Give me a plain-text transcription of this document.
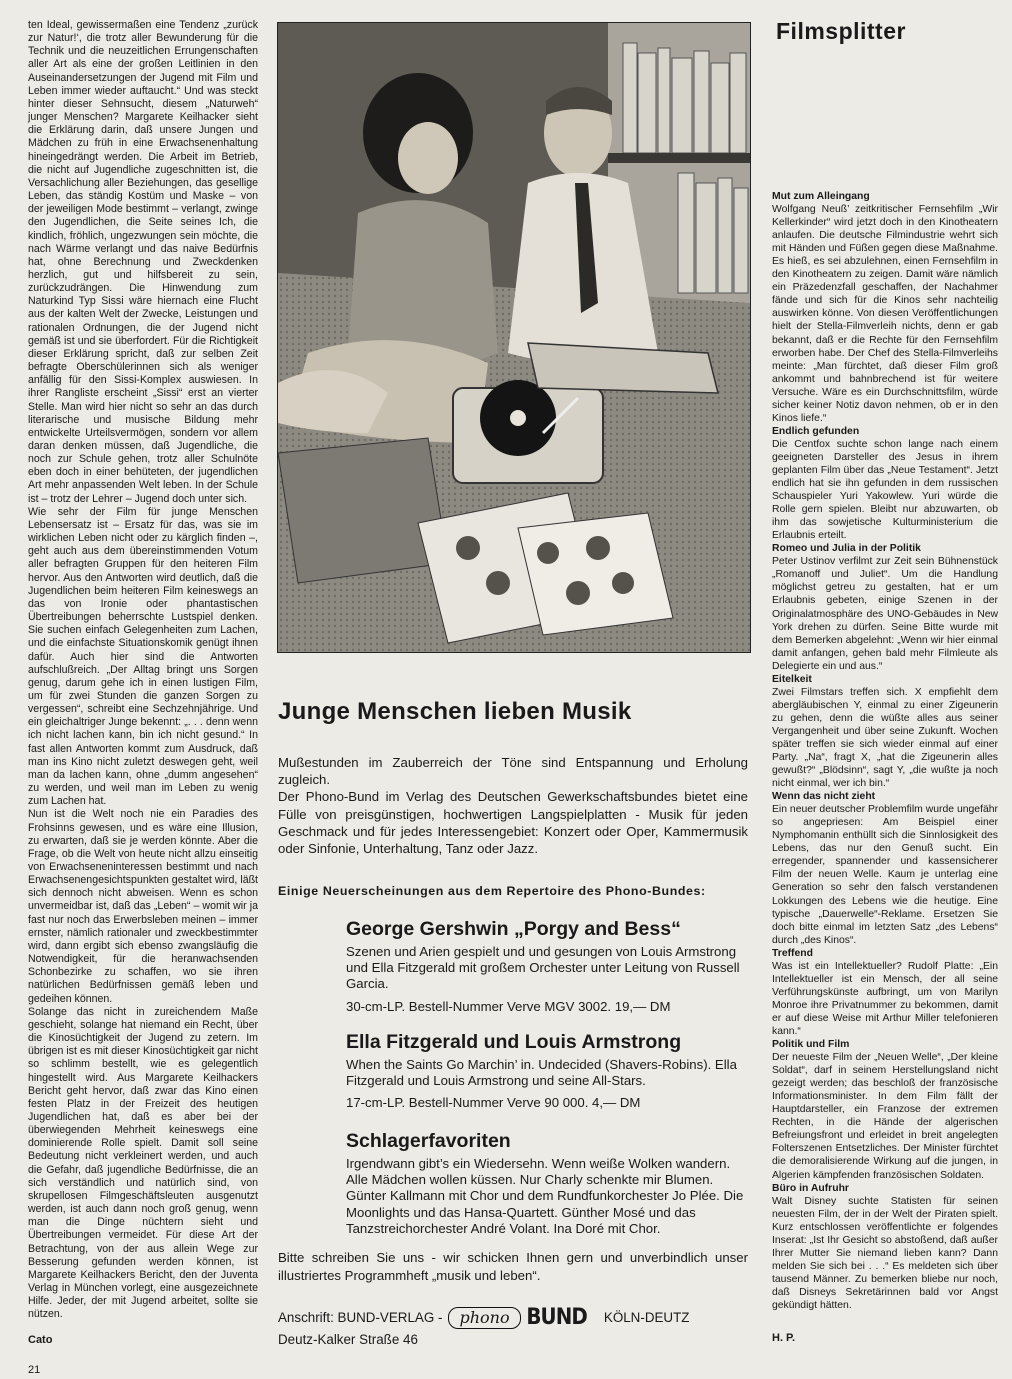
ten Ideal, gewissermaßen eine Tendenz „zurück zur Natur!‘, die trotz aller Bewunderung für die Technik und die neuzeitlichen Errungenschaften aller Art als eine der großen Leitlinien in den Auseinandersetzungen der Jugend mit Film und Leben immer wieder auftaucht.“ Und was steckt hinter dieser Sehnsucht, diesem „Naturweh“ junger Menschen? Margarete Keilhacker sieht die Erklärung darin, daß unsere Jungen und Mädchen zu früh in eine Erwachsenenhaltung hineingedrängt werden. Die Arbeit im Betrieb, die nicht auf Jugendliche zugeschnitten ist, die Versachlichung aller Beziehungen, das gesellige Leben, das ständig Kostüm und Maske – von der jeweiligen Mode bestimmt – verlangt, zwinge den Jugendlichen, die Seite seines Ich, die kindlich, fröhlich, ungezwungen sein möchte, die nach Wärme verlangt und das naive Bedürfnis hat, ohne Berechnung und Zweckdenken herzlich, gut und hilfsbereit zu sein, zurückzudrängen. Die Hinwendung zum Naturkind Typ Sissi wäre hiernach eine Flucht aus der kalten Welt der Zwecke, Leistungen und rationalen Ordnungen, die der Jugend nicht gemäß ist und sie überfordert. Für die Richtigkeit dieser Erklärung spricht, daß zur selben Zeit befragte Oberschülerinnen sich als weniger anfällig für den Sissi-Komplex auswiesen. In ihrer Rangliste erscheint „Sissi“ erst an vierter Stelle. Man wird hier nicht so sehr an das durch literarische und musische Bildung mehr entwickelte Urteilsvermögen, sondern vor allem daran denken müssen, daß Jugendliche, die noch zur Schule gehen, trotz aller Schulnöte eben doch in einer behüteten, der jugendlichen Art mehr anpassenden Welt leben. In der Schule ist – trotz der Lehrer – Jugend doch unter sich.

Wie sehr der Film für junge Menschen Lebensersatz ist – Ersatz für das, was sie im wirklichen Leben nicht oder zu kärglich finden –, geht auch aus dem übereinstimmenden Votum aller befragten Gruppen für den heiteren Film hervor. Aus den Antworten wird deutlich, daß die Jugendlichen beim heiteren Film keineswegs an das von Ironie oder phantastischen Übertreibungen beherrschte Lustspiel denken. Sie suchen einfach Gelegenheiten zum Lachen, und die einfachste Situationskomik genügt ihnen dafür. Auch hier sind die Antworten aufschlußreich. „Der Alltag bringt uns Sorgen genug, darum gehe ich in einen lustigen Film, um für zwei Stunden die ganzen Sorgen zu vergessen“, schreibt eine Sechzehnjährige. Und ein gleichaltriger Junge bekennt: „. . . denn wenn ich nicht lachen kann, bin ich nicht gesund.“ In fast allen Antworten kommt zum Ausdruck, daß man ins Kino nicht zuletzt deswegen geht, weil man da lachen kann, ohne „dumm angesehen“ zu werden, und weil man im Leben zu wenig zum Lachen hat.

Nun ist die Welt noch nie ein Paradies des Frohsinns gewesen, und es wäre eine Illusion, zu erwarten, daß sie je werden könnte. Aber die Frage, ob die Welt von heute nicht allzu einseitig von Erwachseneninteressen bestimmt und nach Erwachsenengesichtspunkten gestaltet wird, läßt sich dennoch nicht abweisen. Wenn es schon unvermeidbar ist, daß das „Leben“ – womit wir ja fast nur noch das Erwerbsleben meinen – immer ernster, nämlich rationaler und zweckbestimmter wird, dann ergibt sich ebenso zwangsläufig die Notwendigkeit, für die heranwachsenden Schonbezirke zu schaffen, wo sie ihren natürlichen Bedürfnissen gemäß leben und gedeihen können.

Solange das nicht in zureichendem Maße geschieht, solange hat niemand ein Recht, über die Kinosüchtigkeit der Jugend zu zetern. Im übrigen ist es mit dieser Kinosüchtigkeit gar nicht so schlimm bestellt, wie es gelegentlich hingestellt wird. Aus Margarete Keilhackers Bericht geht hervor, daß zwar das Kino einen festen Platz in der Freizeit des heutigen Jugendlichen hat, daß es aber bei der überwiegenden Mehrheit keineswegs eine dominierende Rolle spielt. Damit soll seine Bedeutung nicht verkleinert werden, und auch die Gefahr, daß jugendliche Bedürfnisse, die an sich verständlich und natürlich sind, von skrupellosen Filmgeschäftsleuten ausgenutzt werden, ist auch dann noch groß genug, wenn man die Dinge nüchtern sieht und Übertreibungen vermeidet. Für diese Art der Betrachtung, von der aus allein Wege zur Besserung gefunden werden können, ist Margarete Keilhackers Bericht, den der Juventa Verlag in München vorlegt, eine ausgezeichnete Hilfe. Jeder, der mit Jugend arbeitet, sollte sie nützen.

Cato
21
Junge Menschen lieben Musik

Mußestunden im Zauberreich der Töne sind Entspannung und Erholung zugleich.

Der Phono-Bund im Verlag des Deutschen Gewerkschaftsbundes bietet eine Fülle von preisgünstigen, hochwertigen Langspielplatten - Musik für jeden Geschmack und für jedes Interessengebiet: Konzert oder Oper, Kammermusik oder Sinfonie, Unterhaltung, Tanz oder Jazz.

Einige Neuerscheinungen aus dem Repertoire des Phono-Bundes:
George Gershwin „Porgy and Bess“
Szenen und Arien gespielt und und gesungen von Louis Armstrong und Ella Fitzgerald mit großem Orchester unter Leitung von Russell Garcia.
30-cm-LP. Bestell-Nummer Verve MGV 3002. 19,— DM
Ella Fitzgerald und Louis Armstrong
When the Saints Go Marchin’ in. Undecided (Shavers-Robins). Ella Fitzgerald und Louis Armstrong und seine All-Stars.
17-cm-LP. Bestell-Nummer Verve 90 000. 4,— DM
Schlagerfavoriten
Irgendwann gibt’s ein Wiedersehn. Wenn weiße Wolken wandern. Alle Mädchen wollen küssen. Nur Charly schenkte mir Blumen. Günter Kallmann mit Chor und dem Rundfunkorchester Jo Plée. Die Moonlights und das Hansa-Quartett. Günther Mosé und das Tanzstreichorchester André Volant. Ina Doré mit Chor.
Bitte schreiben Sie uns - wir schicken Ihnen gern und unverbindlich unser illustriertes Programmheft „musik und leben“.
Anschrift: BUND-VERLAG -	phono BUND KÖLN-DEUTZ
Deutz-Kalker Straße 46
Filmsplitter
Mut zum Alleingang

Wolfgang Neuß’ zeitkritischer Fernsehfilm „Wir Kellerkinder“ wird jetzt doch in den Kinotheatern anlaufen. Die deutsche Filmindustrie wehrt sich mit Händen und Füßen gegen diese Maßnahme. Es hieß, es sei abzulehnen, einen Fernsehfilm in den Kinotheatern zu zeigen. Damit wäre nämlich ein Präzedenzfall geschaffen, der Nachahmer fände und sich für die Kinos sehr nachteilig auswirken könne. Von diesen Veröffentlichungen hielt der Stella-Filmverleih nichts, denn er gab bekannt, daß er die Rechte für den Fernsehfilm erworben habe. Der Chef des Stella-Filmverleihs meinte: „Man fürchtet, daß dieser Film groß ankommt und bahnbrechend ist für weitere Versuche. Wäre es ein Durchschnittsfilm, würde sicher keiner Notiz davon nehmen, ob er in den Kinos liefe.“

Endlich gefunden

Die Centfox suchte schon lange nach einem geeigneten Darsteller des Jesus in ihrem geplanten Film über das „Neue Testament“. Jetzt endlich hat sie ihn gefunden in dem russischen Schauspieler Yuri Yakowlew. Yuri würde die Rolle gern spielen. Bleibt nur abzuwarten, ob ihm das sowjetische Kulturministerium die Erlaubnis erteilt.

Romeo und Julia in der Politik

Peter Ustinov verfilmt zur Zeit sein Bühnenstück „Romanoff und Juliet“. Um die Handlung möglichst getreu zu gestalten, hat er um Erlaubnis gebeten, einige Szenen in der Originalatmosphäre des UNO-Gebäudes in New York drehen zu dürfen. Seine Bitte wurde mit dem Bemerken abgelehnt: „Wenn wir hier einmal damit anfangen, gehen bald mehr Filmleute als Delegierte ein und aus.“

Eitelkeit

Zwei Filmstars treffen sich. X empfiehlt dem abergläubischen Y, einmal zu einer Zigeunerin zu gehen, denn die wüßte alles aus seiner Vergangenheit und über seine Zukunft. Wochen später treffen sie sich wieder einmal auf einer Party. „Na“, fragt X, „hat die Zigeunerin alles gewußt?“ „Blödsinn“, sagt Y, „die wußte ja noch nicht einmal, wer ich bin.“

Wenn das nicht zieht

Ein neuer deutscher Problemfilm wurde ungefähr so angepriesen: Am Beispiel einer Nymphomanin enthüllt sich die Sinnlosigkeit des Lebens, das nur den Genuß sucht. Ein erregender, spannender und kassensicherer Film der neuen Welle. Kaum je unterlag eine Generation so sehr den falsch verstandenen Lokkungen des Lebens wie die heutige. Eine typische „Dauerwelle“-Reklame. Ersetzen Sie doch bitte einmal im letzten Satz „des Lebens“ durch „des Kinos“.

Treffend

Was ist ein Intellektueller? Rudolf Platte: „Ein Intellektueller ist ein Mensch, der all seine Verführungskünste aufbringt, um von Marilyn Monroe ihre Privatnummer zu bekommen, damit er auf diese Weise mit Arthur Miller telefonieren kann.“

Politik und Film

Der neueste Film der „Neuen Welle“, „Der kleine Soldat“, darf in seinem Herstellungsland nicht gezeigt werden; das beschloß der französische Informationsminister. In dem Film fällt der Hauptdarsteller, ein Franzose der extremen Rechten, in die Hände der algerischen Befreiungsfront und erleidet in breit angelegten Folterszenen Entsetzliches. Der Minister fürchtet die demoralisierende Wirkung auf die jungen, in Algerien kämpfenden französischen Soldaten.

Büro in Aufruhr

Walt Disney suchte Statisten für seinen neuesten Film, der in der Welt der Piraten spielt. Kurz entschlossen veröffentlichte er folgendes Inserat: „Ist Ihr Gesicht so abstoßend, daß außer Ihrer Mutter Sie niemand lieben kann? Dann melden Sie sich bei . . .“ Es meldeten sich über tausend Männer. Zu bemerken bliebe nur noch, daß Disneys Sekretärinnen bald vor Angst gekündigt hätten.

H. P.
